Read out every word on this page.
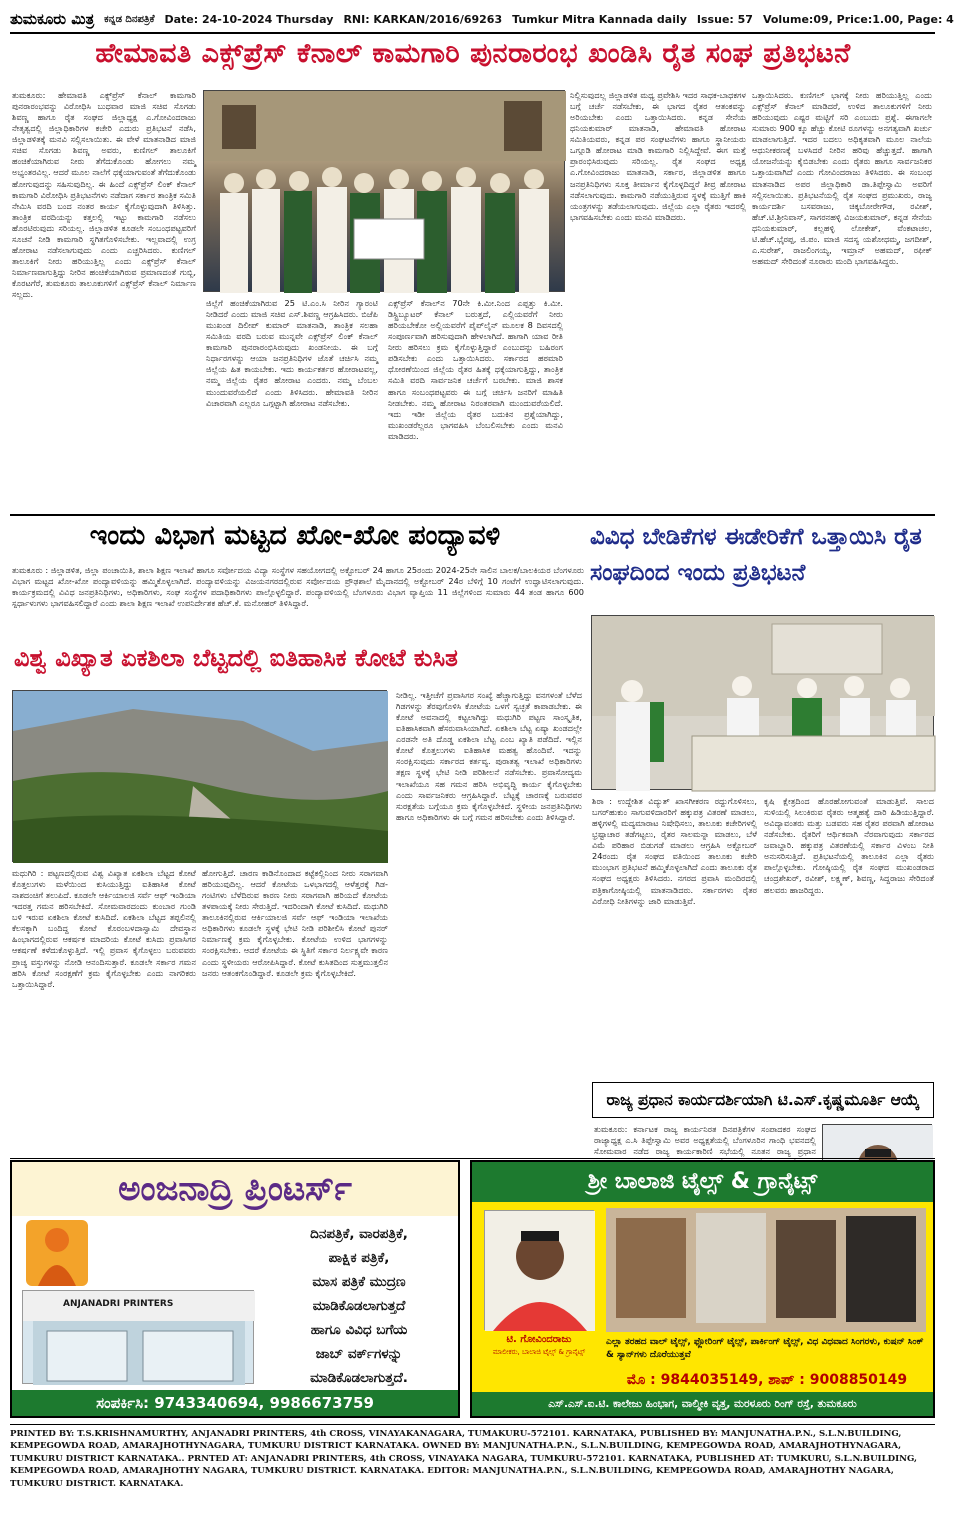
ತುಮಕೂರು ಮಿತ್ರ ಕನ್ನಡ ದಿನಪತ್ರಿಕೆ Date: 24-10-2024 Thursday RNI: KARKAN/2016/69263 Tumkur Mitra Kannada daily Issue: 57 Volume:09, Price:1.00, Page: 4
ಹೇಮಾವತಿ ಎಕ್ಸ್‌ಪ್ರೆಸ್ ಕೆನಾಲ್ ಕಾಮಗಾರಿ ಪುನರಾರಂಭ ಖಂಡಿಸಿ ರೈತ ಸಂಘ ಪ್ರತಿಭಟನೆ
ತುಮಕೂರು: ಹೇಮಾವತಿ ಎಕ್ಸ್‌ಪ್ರೆಸ್ ಕೆನಾಲ್ ಕಾಮಗಾರಿ ಪುನರಾರಂಭವನ್ನು ವಿರೋಧಿಸಿ ಬುಧವಾರ ಮಾಜಿ ಸಚಿವ ಸೊಗಡು ಶಿವಣ್ಣ ಹಾಗೂ ರೈತ ಸಂಘದ ಜಿಲ್ಲಾಧ್ಯಕ್ಷ ಎ.ಗೋವಿಂದರಾಜು ನೇತೃತ್ವದಲ್ಲಿ ಜಿಲ್ಲಾಧಿಕಾರಿಗಳ ಕಚೇರಿ ಎದುರು ಪ್ರತಿಭಟನೆ ನಡೆಸಿ, ಜಿಲ್ಲಾಡಳಿತಕ್ಕೆ ಮನವಿ ಸಲ್ಲಿಸಲಾಯಿತು. ಈ ವೇಳೆ ಮಾತನಾಡಿದ ಮಾಜಿ ಸಚಿವ ಸೊಗಡು ಶಿವಣ್ಣ ಅವರು, ಕುಣಿಗಲ್ ತಾಲೂಕಿಗೆ ಹಂಚಿಕೆಯಾಗಿರುವ ನೀರು ತೆಗೆದುಕೊಂಡು ಹೋಗಲು ನಮ್ಮ ಅಭ್ಯಂತರವಿಲ್ಲ. ಆದರೆ ಮೂಲ ನಾಲೆಗೆ ಧಕ್ಕೆಯಾಗುವಂತೆ ತೆಗೆದುಕೊಂಡು ಹೋಗುವುದನ್ನು ಸಹಿಸುವುದಿಲ್ಲ. ಈ ಹಿಂದೆ ಎಕ್ಸ್‌ಪ್ರೆಸ್ ಲಿಂಕ್ ಕೆನಾಲ್ ಕಾಮಗಾರಿ ವಿರೋಧಿಸಿ ಪ್ರತಿಭಟನೆಗಳು ನಡೆದಾಗ ಸರ್ಕಾರ ತಾಂತ್ರಿಕ ಸಮಿತಿ ನೇಮಿಸಿ ವರದಿ ಬಂದ ನಂತರ ಕಾರ್ಯ ಕೈಗೊಳ್ಳುವುದಾಗಿ ತಿಳಿಸಿತ್ತು. ತಾಂತ್ರಿಕ ವರದಿಯನ್ನು ಕತ್ತಲಲ್ಲಿ ಇಟ್ಟು ಕಾಮಗಾರಿ ನಡೆಸಲು ಹೊರಟಿರುವುದು ಸರಿಯಲ್ಲ. ಜಿಲ್ಲಾಡಳಿತ ಕೂಡಲೇ ಸಂಬಂಧಪಟ್ಟವರಿಗೆ ಸೂಚನೆ ನೀಡಿ ಕಾಮಗಾರಿ ಸ್ಥಗಿತಗೊಳಿಸಬೇಕು. ಇಲ್ಲವಾದಲ್ಲಿ ಉಗ್ರ ಹೋರಾಟ ನಡೆಸಲಾಗುವುದು ಎಂದು ಎಚ್ಚರಿಸಿದರು. ಕುಣಿಗಲ್ ತಾಲೂಕಿಗೆ ನೀರು ಹರಿಯುತ್ತಿಲ್ಲ ಎಂದು ಎಕ್ಸ್‌ಪ್ರೆಸ್ ಕೆನಾಲ್ ನಿರ್ಮಾಣವಾಗುತ್ತಿದ್ದು ನೀರಿನ ಹಂಚಿಕೆಯಾಗಿರುವ ಪ್ರಮಾಣದಂತೆ ಗುಬ್ಬಿ, ಕೊರಟಗೆರೆ, ತುಮಕೂರು ತಾಲೂಕುಗಳಿಗೆ ಎಕ್ಸ್‌ಪ್ರೆಸ್ ಕೆನಾಲ್ ನಿರ್ಮಾಣ ಸಲ್ಲದು.
ಜಿಲ್ಲೆಗೆ ಹಂಚಿಕೆಯಾಗಿರುವ 25 ಟಿ.ಎಂ.ಸಿ ನೀರಿನ ಗ್ಯಾರಂಟಿ ನೀಡಿದರೆ ಎಂದು ಮಾಜಿ ಸಚಿವ ಎಸ್.ಶಿವಣ್ಣ ಆಗ್ರಹಿಸಿದರು. ಬಿಜೆಪಿ ಮುಖಂಡ ದಿಲೀಪ್ ಕುಮಾರ್ ಮಾತನಾಡಿ, ತಾಂತ್ರಿಕ ಸಲಹಾ ಸಮಿತಿಯ ವರದಿ ಬರುವ ಮುನ್ನವೇ ಎಕ್ಸ್‌ಪ್ರೆಸ್ ಲಿಂಕ್ ಕೆನಾಲ್ ಕಾಮಗಾರಿ ಪುನರಾರಂಭಿಸಿರುವುದು ಖಂಡನೀಯ. ಈ ಬಗ್ಗೆ ನಿರ್ಧಾರಗಳನ್ನು ಆಯಾ ಜನಪ್ರತಿನಿಧಿಗಳ ಜೊತೆ ಚರ್ಚಿಸಿ ನಮ್ಮ ಜಿಲ್ಲೆಯ ಹಿತ ಕಾಯಬೇಕು. ಇದು ಕಾರ್ಯಕರ್ತರ ಹೋರಾಟವಲ್ಲ, ನಮ್ಮ ಜಿಲ್ಲೆಯ ರೈತರ ಹೋರಾಟ ಎಂದರು. ನಮ್ಮ ಬೆಂಬಲ ಮುಂದುವರೆಯಲಿದೆ ಎಂದು ತಿಳಿಸಿದರು. ಹೇಮಾವತಿ ನೀರಿನ ವಿಚಾರವಾಗಿ ಎಲ್ಲರೂ ಒಗ್ಗಟ್ಟಾಗಿ ಹೋರಾಟ ನಡೆಸಬೇಕು.
ಎಕ್ಸ್‌ಪ್ರೆಸ್ ಕೆನಾಲ್‌ನ 70ನೇ ಕಿ.ಮೀ.ನಿಂದ ಎಪ್ಪತ್ತು ಕಿ.ಮೀ. ಡಿಸ್ಟ್ರಿಬ್ಯೂಟರ್ ಕೆನಾಲ್ ಬರುತ್ತದೆ, ಎಲ್ಲಿಯವರೆಗೆ ನೀರು ಹರಿಯಬೇಕೋ ಅಲ್ಲಿಯವರೆಗೆ ಪೈಪ್‌ಲೈನ್ ಮೂಲಕ 8 ದಿವಸದಲ್ಲಿ ಸಂಪೂರ್ಣವಾಗಿ ಹರಿಸುವುದಾಗಿ ಹೇಳಲಾಗಿದೆ. ಹಾಗಾಗಿ ಯಾವ ರೀತಿ ನೀರು ಹರಿಸಲು ಕ್ರಮ ಕೈಗೊಳ್ಳುತ್ತಿದ್ದಾರೆ ಎಂಬುದನ್ನು ಬಹಿರಂಗ ಪಡಿಸಬೇಕು ಎಂದು ಒತ್ತಾಯಿಸಿದರು. ಸರ್ಕಾರದ ಹಠಮಾರಿ ಧೋರಣೆಯಿಂದ ಜಿಲ್ಲೆಯ ರೈತರ ಹಿತಕ್ಕೆ ಧಕ್ಕೆಯಾಗುತ್ತಿದ್ದು, ತಾಂತ್ರಿಕ ಸಮಿತಿ ವರದಿ ಸಾರ್ವಜನಿಕ ಚರ್ಚೆಗೆ ಬರಬೇಕು. ಮಾಜಿ ಶಾಸಕ ಹಾಗೂ ಸಂಬಂಧಪಟ್ಟವರು ಈ ಬಗ್ಗೆ ಚರ್ಚಿಸಿ ಜನರಿಗೆ ಮಾಹಿತಿ ನೀಡಬೇಕು. ನಮ್ಮ ಹೋರಾಟ ನಿರಂತರವಾಗಿ ಮುಂದುವರೆಯಲಿದೆ. ಇದು ಇಡೀ ಜಿಲ್ಲೆಯ ರೈತರ ಬದುಕಿನ ಪ್ರಶ್ನೆಯಾಗಿದ್ದು, ಮುಖಂಡರೆಲ್ಲರೂ ಭಾಗವಹಿಸಿ ಬೆಂಬಲಿಸಬೇಕು ಎಂದು ಮನವಿ ಮಾಡಿದರು.
ನಿಲ್ಲಿಸುವುದಲ್ಲ ಜಿಲ್ಲಾಡಳಿತ ಮಧ್ಯ ಪ್ರವೇಶಿಸಿ ಇದರ ಸಾಧಕ-ಬಾಧಕಗಳ ಬಗ್ಗೆ ಚರ್ಚೆ ನಡೆಸಬೇಕು, ಈ ಭಾಗದ ರೈತರ ಆತಂಕವನ್ನು ಅರಿಯಬೇಕು ಎಂದು ಒತ್ತಾಯಿಸಿದರು. ಕನ್ನಡ ಸೇನೆಯ ಧನಿಯಕುಮಾರ್ ಮಾತನಾಡಿ, ಹೇಮಾವತಿ ಹೋರಾಟ ಸಮಿತಿಯವರು, ಕನ್ನಡ ಪರ ಸಂಘಟನೆಗಳು ಹಾಗೂ ಸ್ಥಾನೀಯರು ಒಗ್ಗೂಡಿ ಹೋರಾಟ ಮಾಡಿ ಕಾಮಗಾರಿ ನಿಲ್ಲಿಸಿದ್ದೇವೆ. ಈಗ ಮತ್ತೆ ಪ್ರಾರಂಭಿಸಿರುವುದು ಸರಿಯಲ್ಲ. ರೈತ ಸಂಘದ ಅಧ್ಯಕ್ಷ ಎ.ಗೋವಿಂದರಾಜು ಮಾತನಾಡಿ, ಸರ್ಕಾರ, ಜಿಲ್ಲಾಡಳಿತ ಹಾಗೂ ಜನಪ್ರತಿನಿಧಿಗಳು ಸೂಕ್ತ ತೀರ್ಮಾನ ಕೈಗೊಳ್ಳದಿದ್ದರೆ ತೀವ್ರ ಹೋರಾಟ ನಡೆಸಲಾಗುವುದು. ಕಾಮಗಾರಿ ನಡೆಯುತ್ತಿರುವ ಸ್ಥಳಕ್ಕೆ ಮುತ್ತಿಗೆ ಹಾಕಿ ಯಂತ್ರಗಳನ್ನು ತಡೆಯಲಾಗುವುದು. ಜಿಲ್ಲೆಯ ಎಲ್ಲಾ ರೈತರು ಇದರಲ್ಲಿ ಭಾಗವಹಿಸಬೇಕು ಎಂದು ಮನವಿ ಮಾಡಿದರು.
ಒತ್ತಾಯಿಸಿದರು. ಕುಣಿಗಲ್ ಭಾಗಕ್ಕೆ ನೀರು ಹರಿಯುತ್ತಿಲ್ಲ ಎಂದು ಎಕ್ಸ್‌ಪ್ರೆಸ್ ಕೆನಾಲ್ ಮಾಡಿದರೆ, ಉಳಿದ ತಾಲೂಕುಗಳಿಗೆ ನೀರು ಹರಿಯುವುದು ಎಷ್ಟರ ಮಟ್ಟಿಗೆ ಸರಿ ಎಂಬುದು ಪ್ರಶ್ನೆ. ಈಗಾಗಲೇ ಸುಮಾರು 900 ಕ್ಕೂ ಹೆಚ್ಚು ಕೋಟಿ ರೂಗಳನ್ನು ಅನಗತ್ಯವಾಗಿ ಖರ್ಚು ಮಾಡಲಾಗುತ್ತಿದೆ. ಇದರ ಬದಲು ಅಧಿಕೃತವಾಗಿ ಮೂಲ ನಾಲೆಯ ಆಧುನೀಕರಣಕ್ಕೆ ಬಳಸಿದರೆ ನೀರಿನ ಹರಿವು ಹೆಚ್ಚುತ್ತದೆ. ಹಾಗಾಗಿ ಯೋಜನೆಯನ್ನು ಕೈಬಿಡಬೇಕು ಎಂದು ರೈತರು ಹಾಗೂ ಸಾರ್ವಜನಿಕರ ಒತ್ತಾಯವಾಗಿದೆ ಎಂದು ಗೋವಿಂದರಾಜು ತಿಳಿಸಿದರು. ಈ ಸಂಬಂಧ ಮಾತನಾಡಿದ ಅಪರ ಜಿಲ್ಲಾಧಿಕಾರಿ ಡಾ.ತಿಪ್ಪೇಸ್ವಾಮಿ ಅವರಿಗೆ ಸಲ್ಲಿಸಲಾಯಿತು. ಪ್ರತಿಭಟನೆಯಲ್ಲಿ ರೈತ ಸಂಘದ ಪ್ರಮುಖರು, ರಾಜ್ಯ ಕಾರ್ಯದರ್ಶಿ ಬಸವರಾಜು, ಚಿಕ್ಕಬೋರೇಗೌಡ, ರವೀಶ್, ಹೆಚ್.ಟಿ.ಶ್ರೀನಿವಾಸ್, ಸಾಗರನಹಳ್ಳಿ ವಿಜಯಕುಮಾರ್, ಕನ್ನಡ ಸೇನೆಯ ಧನಿಯಕುಮಾರ್, ಕಲ್ಲಹಳ್ಳಿ ಲೋಕೇಶ್, ವೆಂಕಟಾಚಲ, ಟಿ.ಹೆಚ್.ಭೈರಪ್ಪ, ಜಿ.ಪಂ. ಮಾಜಿ ಸದಸ್ಯ ಯಶೋಧಮ್ಮ, ಜಗದೀಶ್, ಎ.ಸುರೇಶ್, ರಾಜಲಿಂಗಯ್ಯ, ಇಮ್ರಾನ್ ಅಹಮದ್, ರಫೀಕ್ ಅಹಮದ್ ಸೇರಿದಂತೆ ನೂರಾರು ಮಂದಿ ಭಾಗವಹಿಸಿದ್ದರು.
ಇಂದು ವಿಭಾಗ ಮಟ್ಟದ ಖೋ-ಖೋ ಪಂದ್ಯಾವಳಿ
ತುಮಕೂರು : ಜಿಲ್ಲಾಡಳಿತ, ಜಿಲ್ಲಾ ಪಂಚಾಯಿತಿ, ಶಾಲಾ ಶಿಕ್ಷಣ ಇಲಾಖೆ ಹಾಗೂ ಸರ್ವೋದಯ ವಿದ್ಯಾ ಸಂಸ್ಥೆಗಳ ಸಹಯೋಗದಲ್ಲಿ ಅಕ್ಟೋಬರ್ 24 ಹಾಗೂ 25ರಂದು 2024-25ನೇ ಸಾಲಿನ ಬಾಲಕ/ಬಾಲಕಿಯರ ಬೆಂಗಳೂರು ವಿಭಾಗ ಮಟ್ಟದ ಖೋ-ಖೋ ಪಂದ್ಯಾವಳಿಯನ್ನು ಹಮ್ಮಿಕೊಳ್ಳಲಾಗಿದೆ. ಪಂದ್ಯಾವಳಿಯನ್ನು ವಿಜಯನಗರದಲ್ಲಿರುವ ಸರ್ವೋದಯ ಪ್ರೌಢಶಾಲೆ ಮೈದಾನದಲ್ಲಿ ಅಕ್ಟೋಬರ್ 24ರ ಬೆಳಿಗ್ಗೆ 10 ಗಂಟೆಗೆ ಉದ್ಘಾಟಿಸಲಾಗುವುದು. ಕಾರ್ಯಕ್ರಮದಲ್ಲಿ ವಿವಿಧ ಜನಪ್ರತಿನಿಧಿಗಳು, ಅಧಿಕಾರಿಗಳು, ಸಂಘ ಸಂಸ್ಥೆಗಳ ಪದಾಧಿಕಾರಿಗಳು ಪಾಲ್ಗೊಳ್ಳಲಿದ್ದಾರೆ. ಪಂದ್ಯಾವಳಿಯಲ್ಲಿ ಬೆಂಗಳೂರು ವಿಭಾಗ ವ್ಯಾಪ್ತಿಯ 11 ಜಿಲ್ಲೆಗಳಿಂದ ಸುಮಾರು 44 ತಂಡ ಹಾಗೂ 600 ಸ್ಪರ್ಧಾಳುಗಳು ಭಾಗವಹಿಸಲಿದ್ದಾರೆ ಎಂದು ಶಾಲಾ ಶಿಕ್ಷಣ ಇಲಾಖೆ ಉಪನಿರ್ದೇಶಕ ಹೆಚ್.ಕೆ. ಮನೋಹರ್ ತಿಳಿಸಿದ್ದಾರೆ.
ವಿವಿಧ ಬೇಡಿಕೆಗಳ ಈಡೇರಿಕೆಗೆ ಒತ್ತಾಯಿಸಿ ರೈತ ಸಂಘದಿಂದ ಇಂದು ಪ್ರತಿಭಟನೆ
ಶಿರಾ : ಉದ್ದೇಶಿತ ವಿದ್ಯುತ್ ಖಾಸಗೀಕರಣ ರದ್ದುಗೊಳಿಸಲು, ಬಗರ್‌ಹುಕುಂ ಸಾಗುವಳಿದಾರರಿಗೆ ಹಕ್ಕುಪತ್ರ ವಿತರಣೆ ಮಾಡಲು, ಹಳ್ಳಿಗಳಲ್ಲಿ ಮದ್ಯಮಾರಾಟ ನಿಷೇಧಿಸಲು, ತಾಲೂಕು ಕಚೇರಿಗಳಲ್ಲಿ ಭ್ರಷ್ಟಾಚಾರ ತಡೆಗಟ್ಟಲು, ರೈತರ ಸಾಲಮನ್ನಾ ಮಾಡಲು, ಬೆಳೆ ವಿಮೆ ಪರಿಹಾರ ಬಿಡುಗಡೆ ಮಾಡಲು ಆಗ್ರಹಿಸಿ ಅಕ್ಟೋಬರ್ 24ರಂದು ರೈತ ಸಂಘದ ವತಿಯಿಂದ ತಾಲೂಕು ಕಚೇರಿ ಮುಂಭಾಗ ಪ್ರತಿಭಟನೆ ಹಮ್ಮಿಕೊಳ್ಳಲಾಗಿದೆ ಎಂದು ತಾಲೂಕು ರೈತ ಸಂಘದ ಅಧ್ಯಕ್ಷರು ತಿಳಿಸಿದರು. ನಗರದ ಪ್ರವಾಸಿ ಮಂದಿರದಲ್ಲಿ ಪತ್ರಿಕಾಗೋಷ್ಠಿಯಲ್ಲಿ ಮಾತನಾಡಿದರು. ಸರ್ಕಾರಗಳು ರೈತರ ವಿರೋಧಿ ನೀತಿಗಳನ್ನು ಜಾರಿ ಮಾಡುತ್ತಿವೆ.
ಕೃಷಿ ಕ್ಷೇತ್ರದಿಂದ ಹೊರಹೋಗುವಂತೆ ಮಾಡುತ್ತಿವೆ. ಸಾಲದ ಸುಳಿಯಲ್ಲಿ ಸಿಲುಕಿರುವ ರೈತರು ಆತ್ಮಹತ್ಯೆ ದಾರಿ ಹಿಡಿಯುತ್ತಿದ್ದಾರೆ. ಅವಿದ್ಯಾವಂತರು ಮತ್ತು ಬಡವರು ಸಹ ರೈತರ ಪರವಾಗಿ ಹೋರಾಟ ನಡೆಸಬೇಕು. ರೈತರಿಗೆ ಆರ್ಥಿಕವಾಗಿ ನೆರವಾಗುವುದು ಸರ್ಕಾರದ ಜವಾಬ್ದಾರಿ. ಹಕ್ಕುಪತ್ರ ವಿತರಣೆಯಲ್ಲಿ ಸರ್ಕಾರ ವಿಳಂಬ ನೀತಿ ಅನುಸರಿಸುತ್ತಿದೆ. ಪ್ರತಿಭಟನೆಯಲ್ಲಿ ತಾಲೂಕಿನ ಎಲ್ಲಾ ರೈತರು ಪಾಲ್ಗೊಳ್ಳಬೇಕು. ಗೋಷ್ಠಿಯಲ್ಲಿ ರೈತ ಸಂಘದ ಮುಖಂಡರಾದ ಚಂದ್ರಶೇಖರ್, ರವೀಶ್, ಲಕ್ಷ್ಮಣ್, ಶಿವಣ್ಣ, ಸಿದ್ದರಾಜು ಸೇರಿದಂತೆ ಹಲವರು ಹಾಜರಿದ್ದರು.
ವಿಶ್ವ ವಿಖ್ಯಾತ ಏಕಶಿಲಾ ಬೆಟ್ಟದಲ್ಲಿ ಐತಿಹಾಸಿಕ ಕೋಟೆ ಕುಸಿತ
ಮಧುಗಿರಿ : ಪಟ್ಟಣದಲ್ಲಿರುವ ವಿಶ್ವ ವಿಖ್ಯಾತ ಏಕಶಿಲಾ ಬೆಟ್ಟದ ಕೋಟೆ ಕೊತ್ತಲುಗಳು ಮಳೆಯಿಂದ ಕುಸಿಯುತ್ತಿದ್ದು ಐತಿಹಾಸಿಕ ಕೋಟೆ ನಾಶದಂಚಿಗೆ ತಲುಪಿದೆ. ಕೂಡಲೇ ಆರ್ಕಿಯಾಲಜಿ ಸರ್ವೆ ಆಫ್ ಇಂಡಿಯಾ ಇದರತ್ತ ಗಮನ ಹರಿಸಬೇಕಿದೆ. ಸೋಮವಾರದಂದು ಕುಂಬಾರ ಗುಂಡಿ ಬಳಿ ಇರುವ ಏಕಶಿಲಾ ಕೋಟೆ ಕುಸಿದಿದೆ. ಏಕಶಿಲಾ ಬೆಟ್ಟದ ತಪ್ಪಲಿನಲ್ಲಿ ಕೆಲಸಕ್ಕಾಗಿ ಬಂದಿದ್ದ ಕೋಟೆ ಕೊರಂಬಳದಾಸ್ವಾಮಿ ದೇವಸ್ಥಾನ ಹಿಂಭಾಗದಲ್ಲಿರುವ ಆಕರ್ಷಕ ಮಾದರಿಯ ಕೋಟೆ ಕುಸಿದು ಪ್ರವಾಸಿಗರ ಆಕರ್ಷಣೆ ಕಳೆದುಕೊಳ್ಳುತ್ತಿದೆ. ಇಲ್ಲಿ ಪ್ರವಾಸ ಕೈಗೊಳ್ಳಲು ಬರುವವರು ಪ್ರಾಚ್ಯ ವಸ್ತುಗಳನ್ನು ನೋಡಿ ಆನಂದಿಸುತ್ತಾರೆ. ಕೂಡಲೇ ಸರ್ಕಾರ ಗಮನ ಹರಿಸಿ ಕೋಟೆ ಸಂರಕ್ಷಣೆಗೆ ಕ್ರಮ ಕೈಗೊಳ್ಳಬೇಕು ಎಂದು ನಾಗರಿಕರು ಒತ್ತಾಯಿಸಿದ್ದಾರೆ.
ಹೋಗುತ್ತಿದೆ. ಚಾರಣ ಕಾಡಿನೊಂದಾದ ಕಟ್ಟೆಕಲ್ಲಿನಿಂದ ನೀರು ಸರಾಗವಾಗಿ ಹರಿಯುವುದಿಲ್ಲ. ಆದರೆ ಕೋಟೆಯ ಒಳಭಾಗದಲ್ಲಿ ಆಳೆತ್ತರಕ್ಕೆ ಗಿಡ-ಗಂಟಿಗಳು ಬೆಳೆದಿರುವ ಕಾರಣ ನೀರು ಸರಾಗವಾಗಿ ಹರಿಯದೆ ಕೋಟೆಯ ತಳಪಾಯಕ್ಕೆ ನೀರು ಸೇರುತ್ತಿದೆ. ಇದರಿಂದಾಗಿ ಕೋಟೆ ಕುಸಿದಿದೆ. ಮಧುಗಿರಿ ತಾಲೂಕಿನಲ್ಲಿರುವ ಆರ್ಕಿಯಾಲಜಿ ಸರ್ವೆ ಆಫ್ ಇಂಡಿಯಾ ಇಲಾಖೆಯ ಅಧಿಕಾರಿಗಳು ಕೂಡಲೇ ಸ್ಥಳಕ್ಕೆ ಭೇಟಿ ನೀಡಿ ಪರಿಶೀಲಿಸಿ ಕೋಟೆ ಪುನರ್ ನಿರ್ಮಾಣಕ್ಕೆ ಕ್ರಮ ಕೈಗೊಳ್ಳಬೇಕು. ಕೋಟೆಯ ಉಳಿದ ಭಾಗಗಳನ್ನು ಸಂರಕ್ಷಿಸಬೇಕು. ಆದರೆ ಕೋಟೆಯ ಈ ಸ್ಥಿತಿಗೆ ಸರ್ಕಾರ ನಿರ್ಲಕ್ಷ್ಯವೇ ಕಾರಣ ಎಂದು ಸ್ಥಳೀಯರು ಆರೋಪಿಸಿದ್ದಾರೆ. ಕೋಟೆ ಕುಸಿತದಿಂದ ಸುತ್ತಮುತ್ತಲಿನ ಜನರು ಆತಂಕಗೊಂಡಿದ್ದಾರೆ. ಕೂಡಲೇ ಕ್ರಮ ಕೈಗೊಳ್ಳಬೇಕಿದೆ.
ನೀಡಿಲ್ಲ. ಇತ್ತೀಚೆಗೆ ಪ್ರವಾಸಿಗರ ಸಂಖ್ಯೆ ಹೆಚ್ಚಾಗುತ್ತಿದ್ದು ವನಗಳಂತೆ ಬೆಳೆದ ಗಿಡಗಳನ್ನು ತೆರವುಗೊಳಿಸಿ ಕೋಟೆಯ ಒಳಗೆ ಸ್ವಚ್ಛತೆ ಕಾಪಾಡಬೇಕು. ಈ ಕೋಟೆ ಅವನಾದಲ್ಲಿ ಕಟ್ಟಲಾಗಿದ್ದು ಮಧುಗಿರಿ ಪಟ್ಟಣ ಸಾಂಸ್ಕೃತಿಕ, ಐತಿಹಾಸಿಕವಾಗಿ ಹೆಸರುವಾಸಿಯಾಗಿದೆ. ಏಕಶಿಲಾ ಬೆಟ್ಟ ಏಷ್ಯಾ ಖಂಡದಲ್ಲೇ ಎರಡನೇ ಅತಿ ದೊಡ್ಡ ಏಕಶಿಲಾ ಬೆಟ್ಟ ಎಂಬ ಖ್ಯಾತಿ ಪಡೆದಿದೆ. ಇಲ್ಲಿನ ಕೋಟೆ ಕೊತ್ತಲುಗಳು ಐತಿಹಾಸಿಕ ಮಹತ್ವ ಹೊಂದಿವೆ. ಇದನ್ನು ಸಂರಕ್ಷಿಸುವುದು ಸರ್ಕಾರದ ಕರ್ತವ್ಯ. ಪುರಾತತ್ವ ಇಲಾಖೆ ಅಧಿಕಾರಿಗಳು ತಕ್ಷಣ ಸ್ಥಳಕ್ಕೆ ಭೇಟಿ ನೀಡಿ ಪರಿಶೀಲನೆ ನಡೆಸಬೇಕು. ಪ್ರವಾಸೋದ್ಯಮ ಇಲಾಖೆಯೂ ಸಹ ಗಮನ ಹರಿಸಿ ಅಭಿವೃದ್ಧಿ ಕಾರ್ಯ ಕೈಗೊಳ್ಳಬೇಕು ಎಂದು ಸಾರ್ವಜನಿಕರು ಆಗ್ರಹಿಸಿದ್ದಾರೆ. ಬೆಟ್ಟಕ್ಕೆ ಚಾರಣಕ್ಕೆ ಬರುವವರ ಸುರಕ್ಷತೆಯ ಬಗ್ಗೆಯೂ ಕ್ರಮ ಕೈಗೊಳ್ಳಬೇಕಿದೆ. ಸ್ಥಳೀಯ ಜನಪ್ರತಿನಿಧಿಗಳು ಹಾಗೂ ಅಧಿಕಾರಿಗಳು ಈ ಬಗ್ಗೆ ಗಮನ ಹರಿಸಬೇಕು ಎಂದು ತಿಳಿಸಿದ್ದಾರೆ.
ರಾಜ್ಯ ಪ್ರಧಾನ ಕಾರ್ಯದರ್ಶಿಯಾಗಿ ಟಿ.ಎಸ್.ಕೃಷ್ಣಮೂರ್ತಿ ಆಯ್ಕೆ
ತುಮಕೂರು: ಕರ್ನಾಟಕ ರಾಜ್ಯ ಕಾರ್ಯನಿರತ ದಿನಪತ್ರಿಕೆಗಳ ಸಂಪಾದಕರ ಸಂಘದ ರಾಜ್ಯಾಧ್ಯಕ್ಷ ಎ.ಸಿ ತಿಪ್ಪೇಸ್ವಾಮಿ ಅವರ ಅಧ್ಯಕ್ಷತೆಯಲ್ಲಿ ಬೆಂಗಳೂರಿನ ಗಾಂಧಿ ಭವನದಲ್ಲಿ ಸೋಮವಾರ ನಡೆದ ರಾಜ್ಯ ಕಾರ್ಯಕಾರಿಣಿ ಸಭೆಯಲ್ಲಿ ನೂತನ ರಾಜ್ಯ ಪ್ರಧಾನ
ಅಂಜನಾದ್ರಿ ಪ್ರಿಂಟರ್ಸ್
ANJANADRI PRINTERS
ದಿನಪತ್ರಿಕೆ, ವಾರಪತ್ರಿಕೆ,
ಪಾಕ್ಷಿಕ ಪತ್ರಿಕೆ,
ಮಾಸ ಪತ್ರಿಕೆ ಮುದ್ರಣ
ಮಾಡಿಕೊಡಲಾಗುತ್ತದೆ
ಹಾಗೂ ವಿವಿಧ ಬಗೆಯ
ಜಾಬ್ ವರ್ಕ್‌ಗಳನ್ನು
ಮಾಡಿಕೊಡಲಾಗುತ್ತದೆ.
ಸಂಪರ್ಕಿಸಿ: 9743340694, 9986673759
ಶ್ರೀ ಬಾಲಾಜಿ ಟೈಲ್ಸ್ & ಗ್ರಾನೈಟ್ಸ್
ಟಿ. ಗೋವಿಂದರಾಜು
ಮಾಲೀಕರು, ಬಾಲಾಜಿ ಟೈಲ್ಸ್ & ಗ್ರಾನೈಟ್ಸ್
ಎಲ್ಲಾ ತರಹದ ವಾಲ್ ಟೈಲ್ಸ್, ಫ್ಲೋರಿಂಗ್ ಟೈಲ್ಸ್, ಪಾರ್ಕಿಂಗ್ ಟೈಲ್ಸ್, ವಿಧ ವಿಧವಾದ ಸಿಂಗರಳು, ಕುಷನ್ ಸಿಂಕ್ & ಸ್ಯಾನ್‌ಗಳು ದೊರೆಯುತ್ತವೆ
ಮೊ : 9844035149, ಶಾಪ್ : 9008850149
ಎಸ್.ಎಸ್.ಐ.ಟಿ. ಕಾಲೇಜು ಹಿಂಭಾಗ, ವಾಲ್ಮೀಕಿ ವೃತ್ತ, ಮರಳೂರು ರಿಂಗ್ ರಸ್ತೆ, ತುಮಕೂರು
PRINTED BY: T.S.KRISHNAMURTHY, ANJANADRI PRINTERS, 4th CROSS, VINAYAKANAGARA, TUMAKURU-572101. KARNATAKA, PUBLISHED BY: MANJUNATHA.P.N., S.L.N.BUILDING, KEMPEGOWDA ROAD, AMARAJHOTHYNAGARA, TUMKURU DISTRICT KARNATAKA. OWNED BY: MANJUNATHA.P.N., S.L.N.BUILDING, KEMPEGOWDA ROAD, AMARAJHOTHYNAGARA, TUMKURU DISTRICT KARNATAKA.. PRNTED AT: ANJANADRI PRINTERS, 4th CROSS, VINAYAKA NAGARA, TUMKURU-572101. KARNATAKA, PUBLISHED AT: TUMKURU, S.L.N.BUILDING, KEMPEGOWDA ROAD, AMARAJHOTHY NAGARA, TUMKURU DISTRICT. KARNATAKA. EDITOR: MANJUNATHA.P.N., S.L.N.BUILDING, KEMPEGOWDA ROAD, AMARAJHOTHY NAGARA, TUMKURU DISTRICT. KARNATAKA.
